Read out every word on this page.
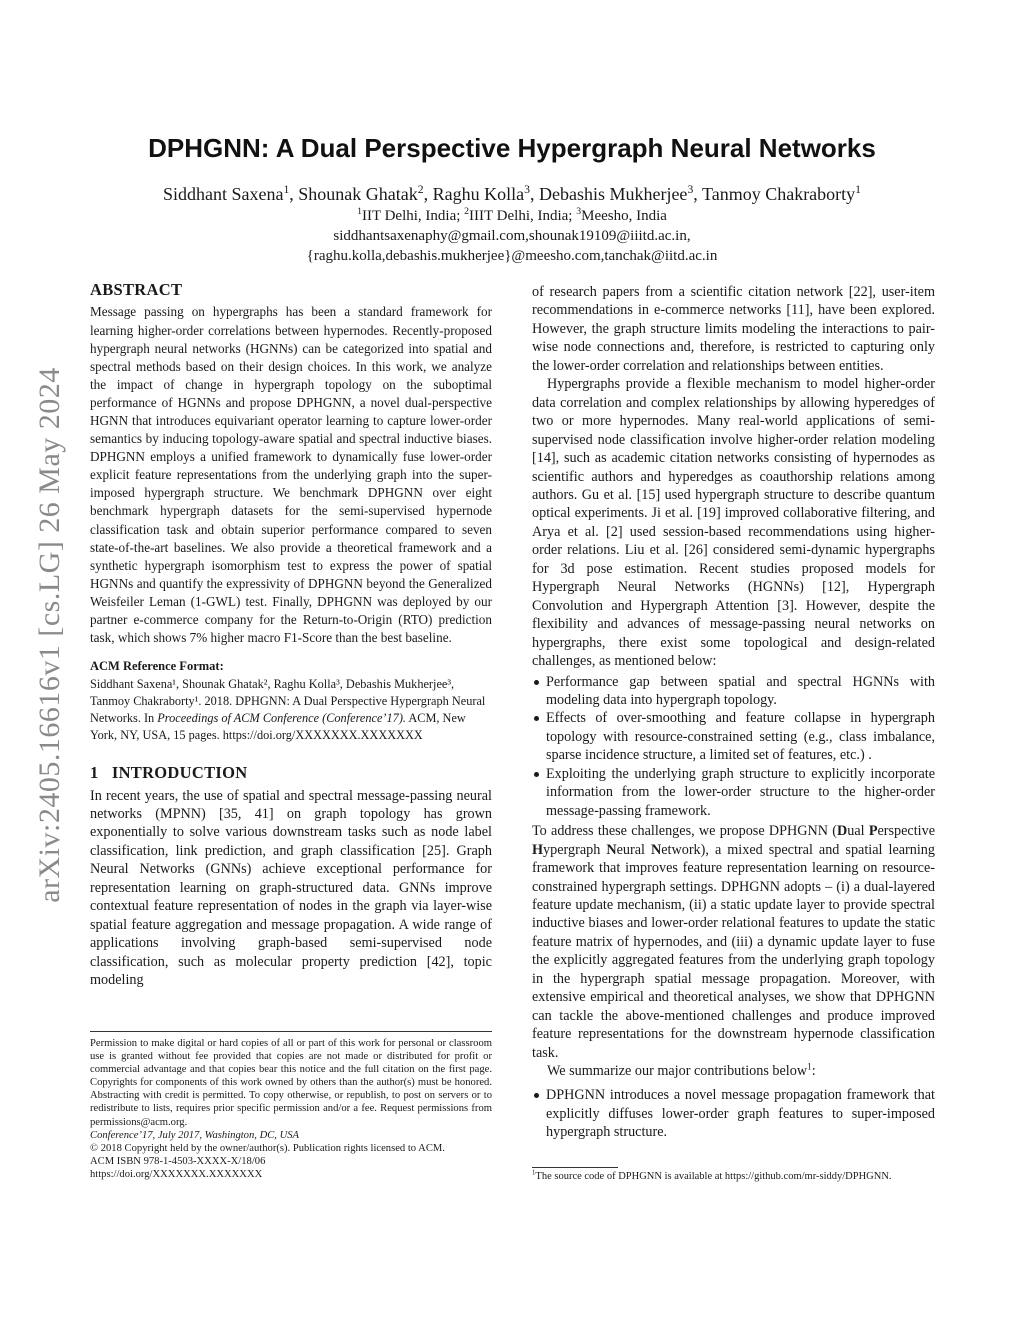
arXiv:2405.16616v1 [cs.LG] 26 May 2024
DPHGNN: A Dual Perspective Hypergraph Neural Networks
Siddhant Saxena$^1$, Shounak Ghatak$^2$, Raghu Kolla$^3$, Debashis Mukherjee$^3$, Tanmoy Chakraborty$^1$
$^1$IIT Delhi, India; $^2$IIIT Delhi, India; $^3$Meesho, India
siddhantsaxenaphy@gmail.com,shounak19109@iiitd.ac.in,
{raghu.kolla,debashis.mukherjee}@meesho.com,tanchak@iitd.ac.in

ABSTRACT

Message passing on hypergraphs has been a standard framework for learning higher-order correlations between hypernodes. Recently-proposed hypergraph neural networks (HGNNs) can be categorized into spatial and spectral methods based on their design choices. In this work, we analyze the impact of change in hypergraph topology on the suboptimal performance of HGNNs and propose DPHGNN, a novel dual-perspective HGNN that introduces equivariant operator learning to capture lower-order semantics by inducing topology-aware spatial and spectral inductive biases. DPHGNN employs a unified framework to dynamically fuse lower-order explicit feature representations from the underlying graph into the super-imposed hypergraph structure. We benchmark DPHGNN over eight benchmark hypergraph datasets for the semi-supervised hypernode classification task and obtain superior performance compared to seven state-of-the-art baselines. We also provide a theoretical framework and a synthetic hypergraph isomorphism test to express the power of spatial HGNNs and quantify the expressivity of DPHGNN beyond the Generalized Weisfeiler Leman (1-GWL) test. Finally, DPHGNN was deployed by our partner e-commerce company for the Return-to-Origin (RTO) prediction task, which shows 7% higher macro F1-Score than the best baseline.

ACM Reference Format:

Siddhant Saxena¹, Shounak Ghatak², Raghu Kolla³, Debashis Mukherjee³, Tanmoy Chakraborty¹. 2018. DPHGNN: A Dual Perspective Hypergraph Neural Networks. In Proceedings of ACM Conference (Conference’17). ACM, New York, NY, USA, 15 pages. https://doi.org/XXXXXXX.XXXXXXX

1 INTRODUCTION

In recent years, the use of spatial and spectral message-passing neural networks (MPNN) [35, 41] on graph topology has grown exponentially to solve various downstream tasks such as node label classification, link prediction, and graph classification [25]. Graph Neural Networks (GNNs) achieve exceptional performance for representation learning on graph-structured data. GNNs improve contextual feature representation of nodes in the graph via layer-wise spatial feature aggregation and message propagation. A wide range of applications involving graph-based semi-supervised node classification, such as molecular property prediction [42], topic modeling

Permission to make digital or hard copies of all or part of this work for personal or classroom use is granted without fee provided that copies are not made or distributed for profit or commercial advantage and that copies bear this notice and the full citation on the first page. Copyrights for components of this work owned by others than the author(s) must be honored. Abstracting with credit is permitted. To copy otherwise, or republish, to post on servers or to redistribute to lists, requires prior specific permission and/or a fee. Request permissions from permissions@acm.org.

Conference’17, July 2017, Washington, DC, USA

© 2018 Copyright held by the owner/author(s). Publication rights licensed to ACM.

ACM ISBN 978-1-4503-XXXX-X/18/06

https://doi.org/XXXXXXX.XXXXXXX

of research papers from a scientific citation network [22], user-item recommendations in e-commerce networks [11], have been explored. However, the graph structure limits modeling the interactions to pair-wise node connections and, therefore, is restricted to capturing only the lower-order correlation and relationships between entities.

Hypergraphs provide a flexible mechanism to model higher-order data correlation and complex relationships by allowing hyperedges of two or more hypernodes. Many real-world applications of semi-supervised node classification involve higher-order relation modeling [14], such as academic citation networks consisting of hypernodes as scientific authors and hyperedges as coauthorship relations among authors. Gu et al. [15] used hypergraph structure to describe quantum optical experiments. Ji et al. [19] improved collaborative filtering, and Arya et al. [2] used session-based recommendations using higher-order relations. Liu et al. [26] considered semi-dynamic hypergraphs for 3d pose estimation. Recent studies proposed models for Hypergraph Neural Networks (HGNNs) [12], Hypergraph Convolution and Hypergraph Attention [3]. However, despite the flexibility and advances of message-passing neural networks on hypergraphs, there exist some topological and design-related challenges, as mentioned below:

Performance gap between spatial and spectral HGNNs with modeling data into hypergraph topology.
Effects of over-smoothing and feature collapse in hypergraph topology with resource-constrained setting (e.g., class imbalance, sparse incidence structure, a limited set of features, etc.) .
Exploiting the underlying graph structure to explicitly incorporate information from the lower-order structure to the higher-order message-passing framework.

To address these challenges, we propose DPHGNN (Dual Perspective Hypergraph Neural Network), a mixed spectral and spatial learning framework that improves feature representation learning on resource-constrained hypergraph settings. DPHGNN adopts – (i) a dual-layered feature update mechanism, (ii) a static update layer to provide spectral inductive biases and lower-order relational features to update the static feature matrix of hypernodes, and (iii) a dynamic update layer to fuse the explicitly aggregated features from the underlying graph topology in the hypergraph spatial message propagation. Moreover, with extensive empirical and theoretical analyses, we show that DPHGNN can tackle the above-mentioned challenges and produce improved feature representations for the downstream hypernode classification task.

We summarize our major contributions below$^1$:

DPHGNN introduces a novel message propagation framework that explicitly diffuses lower-order graph features to super-imposed hypergraph structure.
$^1$The source code of DPHGNN is available at https://github.com/mr-siddy/DPHGNN.
